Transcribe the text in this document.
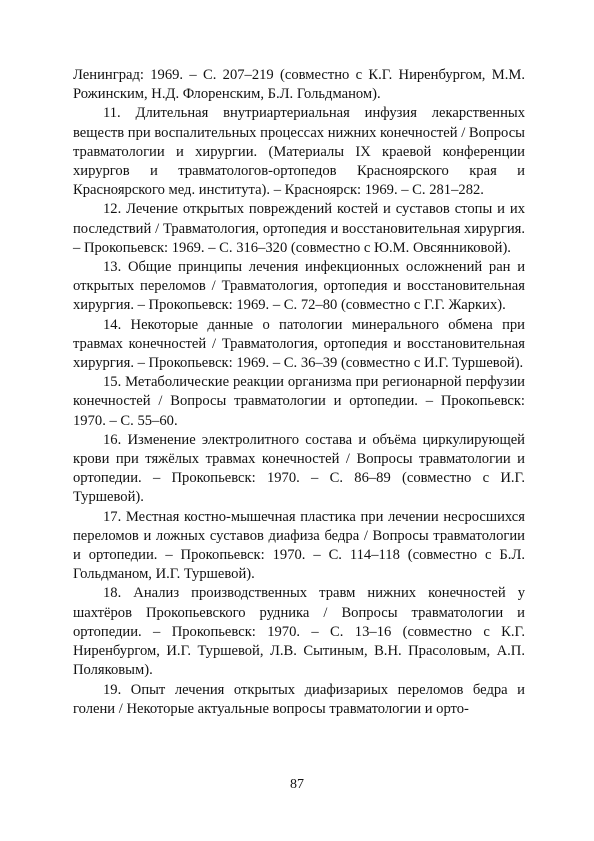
Ленинград: 1969. – С. 207–219 (совместно с К.Г. Ниренбургом, М.М. Рожинским, Н.Д. Флоренским, Б.Л. Гольдманом).

11. Длительная внутриартериальная инфузия лекарственных веществ при воспалительных процессах нижних конечностей / Вопросы травматологии и хирургии. (Материалы IX краевой конференции хирургов и травматологов-ортопедов Красноярского края и Красноярского мед. института). – Красноярск: 1969. – С. 281–282.

12. Лечение открытых повреждений костей и суставов стопы и их последствий / Травматология, ортопедия и восстановительная хирургия. – Прокопьевск: 1969. – С. 316–320 (совместно с Ю.М. Овсянниковой).

13. Общие принципы лечения инфекционных осложнений ран и открытых переломов / Травматология, ортопедия и восстановительная хирургия. – Прокопьевск: 1969. – С. 72–80 (совместно с Г.Г. Жарких).

14. Некоторые данные о патологии минерального обмена при травмах конечностей / Травматология, ортопедия и восстановительная хирургия. – Прокопьевск: 1969. – С. 36–39 (совместно с И.Г. Туршевой).

15. Метаболические реакции организма при регионарной перфузии конечностей / Вопросы травматологии и ортопедии. – Прокопьевск: 1970. – С. 55–60.

16. Изменение электролитного состава и объёма циркулирующей крови при тяжёлых травмах конечностей / Вопросы травматологии и ортопедии. – Прокопьевск: 1970. – С. 86–89 (совместно с И.Г. Туршевой).

17. Местная костно-мышечная пластика при лечении несросшихся переломов и ложных суставов диафиза бедра / Вопросы травматологии и ортопедии. – Прокопьевск: 1970. – С. 114–118 (совместно с Б.Л. Гольдманом, И.Г. Туршевой).

18. Анализ производственных травм нижних конечностей у шахтёров Прокопьевского рудника / Вопросы травматологии и ортопедии. – Прокопьевск: 1970. – С. 13–16 (совместно с К.Г. Ниренбургом, И.Г. Туршевой, Л.В. Сытиным, В.Н. Прасоловым, А.П. Поляковым).

19. Опыт лечения открытых диафизариых переломов бедра и голени / Некоторые актуальные вопросы травматологии и орто-

87
